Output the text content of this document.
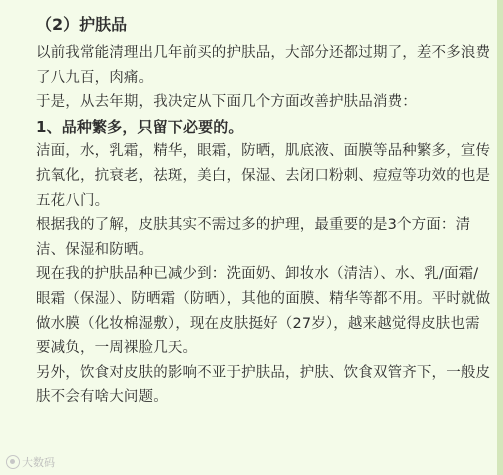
（2）护肤品

以前我常能清理出几年前买的护肤品，大部分还都过期了，差不多浪费了八九百，肉痛。

于是，从去年期，我决定从下面几个方面改善护肤品消费：

1、品种繁多，只留下必要的。

洁面，水，乳霜，精华，眼霜，防晒，肌底液、面膜等品种繁多，宣传抗氧化，抗衰老，祛斑，美白，保湿、去闭口粉刺、痘痘等功效的也是五花八门。

根据我的了解，皮肤其实不需过多的护理，最重要的是3个方面：清洁、保湿和防晒。

现在我的护肤品种已减少到：洗面奶、卸妆水（清洁）、水、乳/面霜/眼霜（保湿）、防晒霜（防晒），其他的面膜、精华等都不用。平时就做做水膜（化妆棉湿敷），现在皮肤挺好（27岁），越来越觉得皮肤也需要减负，一周裸脸几天。

另外，饮食对皮肤的影响不亚于护肤品，护肤、饮食双管齐下，一般皮肤不会有啥大问题。

大数码
